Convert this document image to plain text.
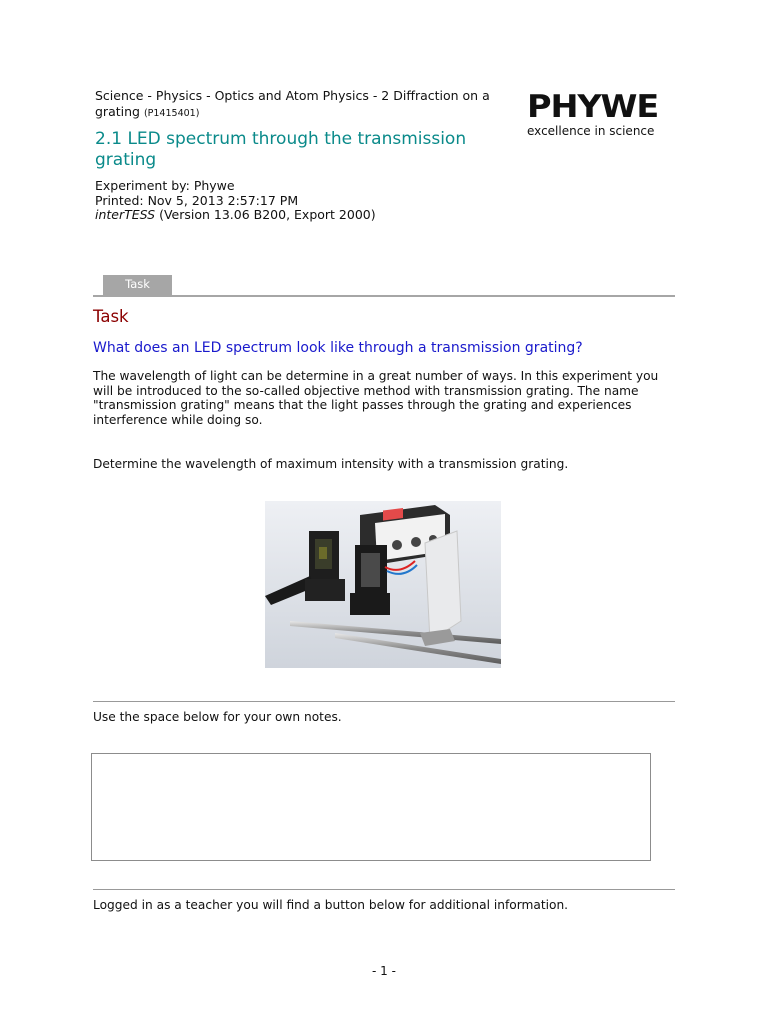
Science - Physics - Optics and Atom Physics - 2 Diffraction on a grating (P1415401)	PHYWE
excellence in science
2.1 LED spectrum through the transmission grating
Experiment by: Phywe
Printed: Nov 5, 2013 2:57:17 PM
interTESS (Version 13.06 B200, Export 2000)
Task
Task
What does an LED spectrum look like through a transmission grating?
The wavelength of light can be determine in a great number of ways. In this experiment you will be introduced to the so-called objective method with transmission grating. The name "transmission grating" means that the light passes through the grating and experiences interference while doing so.
Determine the wavelength of maximum intensity with a transmission grating.
Use the space below for your own notes.
Logged in as a teacher you will find a button below for additional information.
- 1 -
